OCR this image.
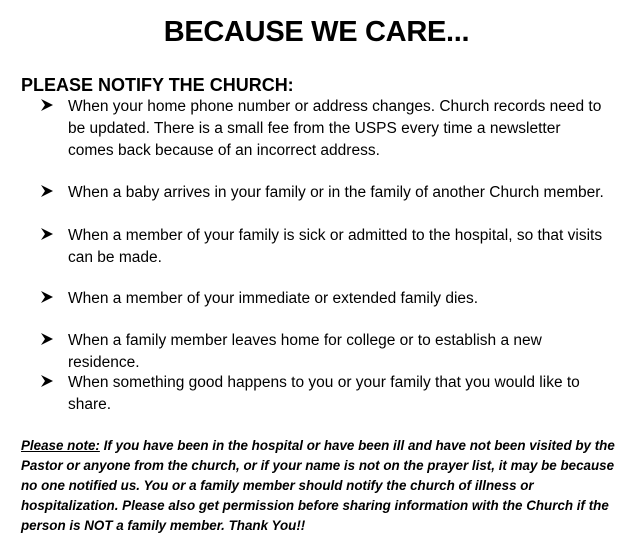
BECAUSE WE CARE...
PLEASE NOTIFY THE CHURCH:
When your home phone number or address changes. Church records need to be updated. There is a small fee from the USPS every time a newsletter comes back because of an incorrect address.
When a baby arrives in your family or in the family of another Church member.
When a member of your family is sick or admitted to the hospital, so that visits can be made.
When a member of your immediate or extended family dies.
When a family member leaves home for college or to establish a new residence.
When something good happens to you or your family that you would like to share.
Please note: If you have been in the hospital or have been ill and have not been visited by the Pastor or anyone from the church, or if your name is not on the prayer list, it may be because no one notified us. You or a family member should notify the church of illness or hospitalization. Please also get permission before sharing information with the Church if the person is NOT a family member. Thank You!!
